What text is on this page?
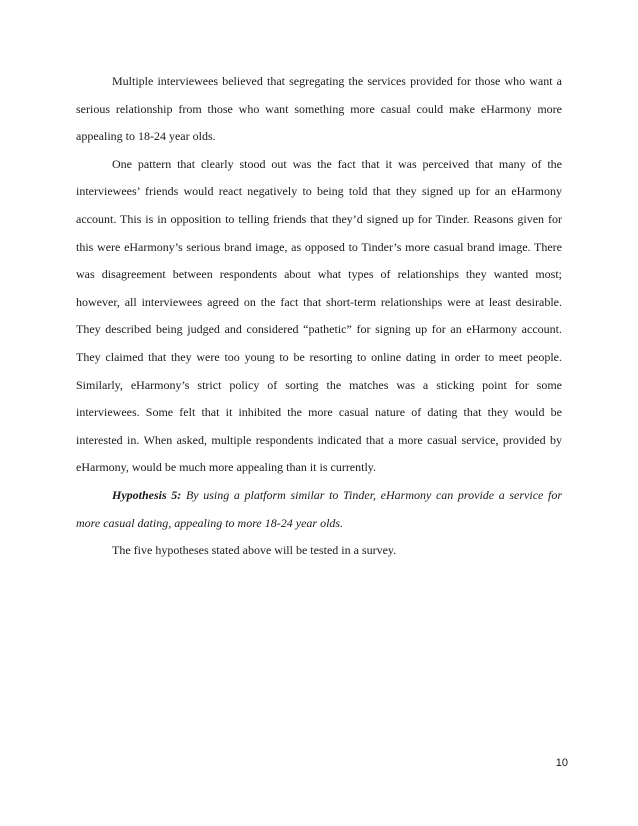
Multiple interviewees believed that segregating the services provided for those who want a serious relationship from those who want something more casual could make eHarmony more appealing to 18-24 year olds.

One pattern that clearly stood out was the fact that it was perceived that many of the interviewees’ friends would react negatively to being told that they signed up for an eHarmony account. This is in opposition to telling friends that they’d signed up for Tinder. Reasons given for this were eHarmony’s serious brand image, as opposed to Tinder’s more casual brand image. There was disagreement between respondents about what types of relationships they wanted most; however, all interviewees agreed on the fact that short-term relationships were at least desirable. They described being judged and considered “pathetic” for signing up for an eHarmony account. They claimed that they were too young to be resorting to online dating in order to meet people. Similarly, eHarmony’s strict policy of sorting the matches was a sticking point for some interviewees. Some felt that it inhibited the more casual nature of dating that they would be interested in. When asked, multiple respondents indicated that a more casual service, provided by eHarmony, would be much more appealing than it is currently.

Hypothesis 5: By using a platform similar to Tinder, eHarmony can provide a service for more casual dating, appealing to more 18-24 year olds.

The five hypotheses stated above will be tested in a survey.

10
